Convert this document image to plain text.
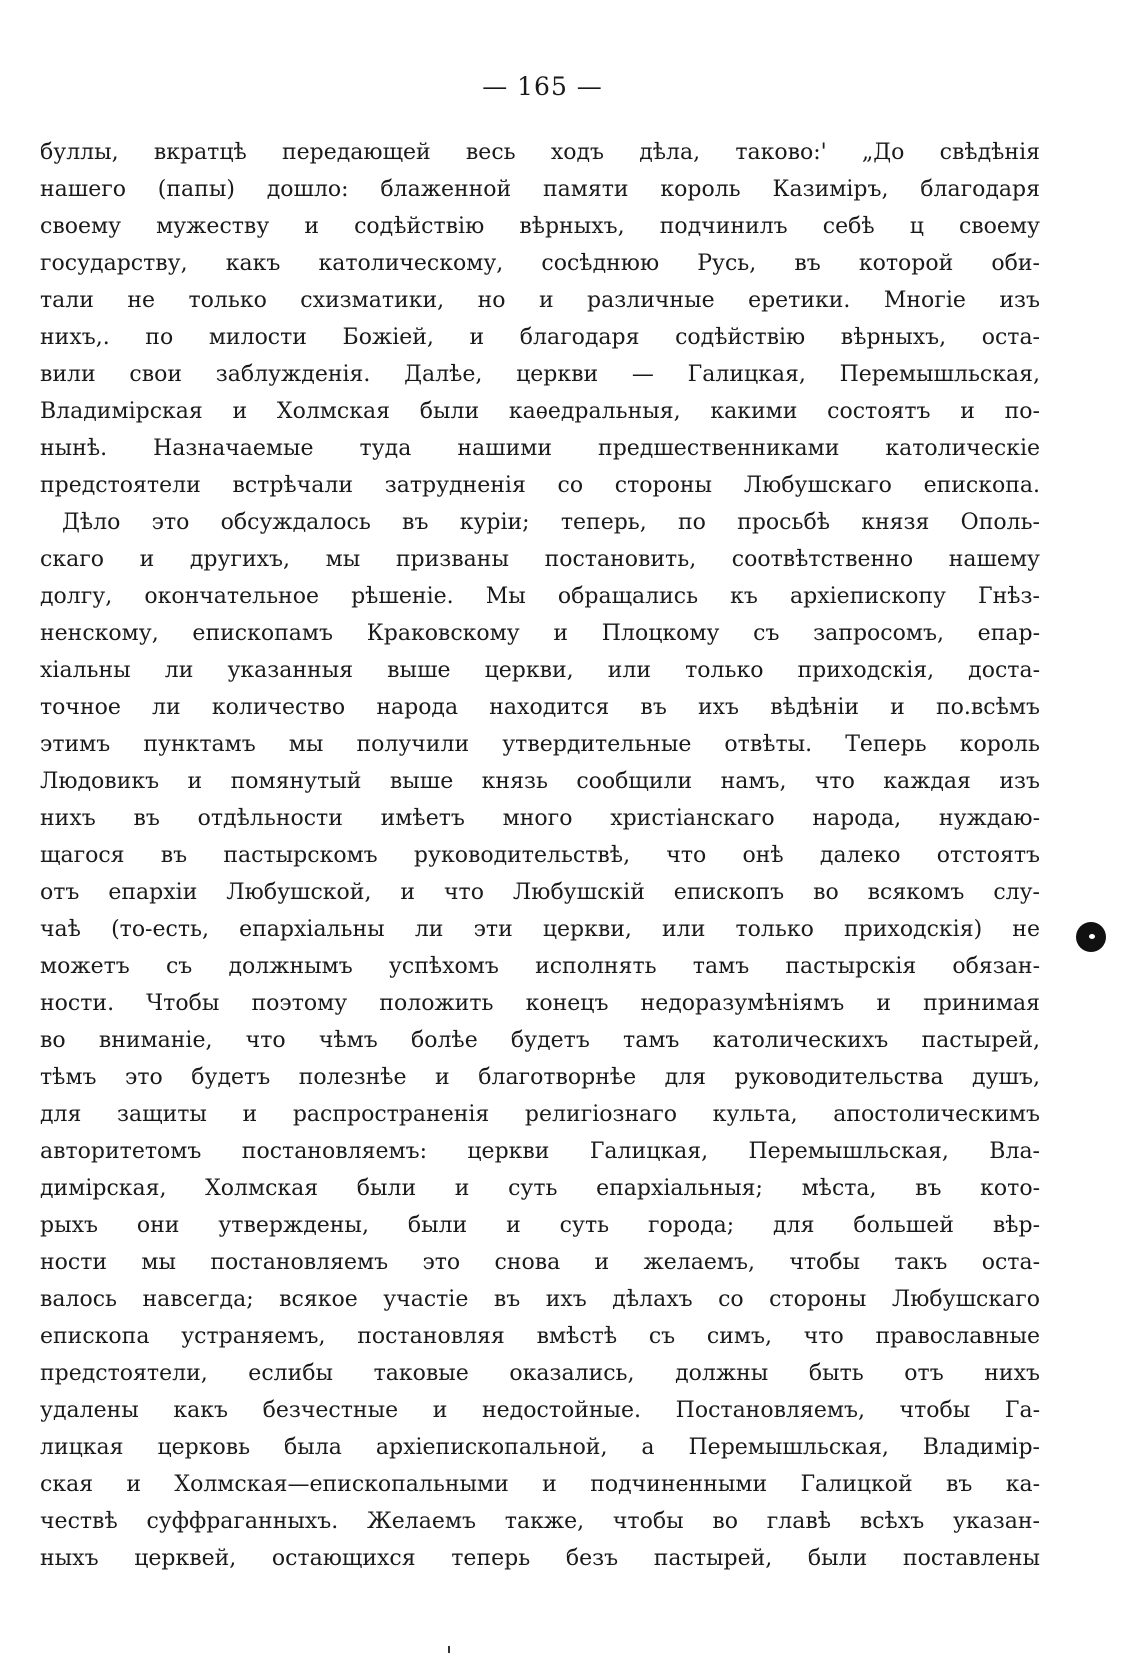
— 165 —
буллы, вкратцѣ передающей весь ходъ дѣла, таково:' „До свѣдѣнія
нашего (папы) дошло: блаженной памяти король Казиміръ, благодаря
своему мужеству и содѣйствію вѣрныхъ, подчинилъ себѣ ц своему
государству, какъ католическому, сосѣднюю Русь, въ которой оби-
тали не только схизматики, но и различные еретики. Многіе изъ
нихъ,. по милости Божіей, и благодаря содѣйствію вѣрныхъ, оста-
вили свои заблужденія. Далѣе, церкви — Галицкая, Перемышльская,
Владимірская и Холмская были каѳедральныя, какими состоятъ и по-
нынѣ. Назначаемые туда нашими предшественниками католическіе
предстоятели встрѣчали затрудненія со стороны Любушскаго епископа.
Дѣло это обсуждалось въ куріи; теперь, по просьбѣ князя Ополь-
скаго и другихъ, мы призваны постановить, соотвѣтственно нашему
долгу, окончательное рѣшеніе. Мы обращались къ архіепископу Гнѣз-
ненскому, епископамъ Краковскому и Плоцкому съ запросомъ, епар-
хіальны ли указанныя выше церкви, или только приходскія, доста-
точное ли количество народа находится въ ихъ вѣдѣніи и по.всѣмъ
этимъ пунктамъ мы получили утвердительные отвѣты. Теперь король
Людовикъ и помянутый выше князь сообщили намъ, что каждая изъ
нихъ въ отдѣльности имѣетъ много христіанскаго народа, нуждаю-
щагося въ пастырскомъ руководительствѣ, что онѣ далеко отстоятъ
отъ епархіи Любушской, и что Любушскій епископъ во всякомъ слу-
чаѣ (то-есть, епархіальны ли эти церкви, или только приходскія) не
можетъ съ должнымъ успѣхомъ исполнять тамъ пастырскія обязан-
ности. Чтобы поэтому положить конецъ недоразумѣніямъ и принимая
во вниманіе, что чѣмъ болѣе будетъ тамъ католическихъ пастырей,
тѣмъ это будетъ полезнѣе и благотворнѣе для руководительства душъ,
для защиты и распространенія религіознаго культа, апостолическимъ
авторитетомъ постановляемъ: церкви Галицкая, Перемышльская, Вла-
димірская, Холмская были и суть епархіальныя; мѣста, въ кото-
рыхъ они утверждены, были и суть города; для большей вѣр-
ности мы постановляемъ это снова и желаемъ, чтобы такъ оста-
валось навсегда; всякое участіе въ ихъ дѣлахъ со стороны Любушскаго
епископа устраняемъ, постановляя вмѣстѣ съ симъ, что православные
предстоятели, еслибы таковые оказались, должны быть отъ нихъ
удалены какъ безчестные и недостойные. Постановляемъ, чтобы Га-
лицкая церковь была архіепископальной, а Перемышльская, Владимір-
ская и Холмская—епископальными и подчиненными Галицкой въ ка-
чествѣ суффраганныхъ. Желаемъ также, чтобы во главѣ всѣхъ указан-
ныхъ церквей, остающихся теперь безъ пастырей, были поставлены
